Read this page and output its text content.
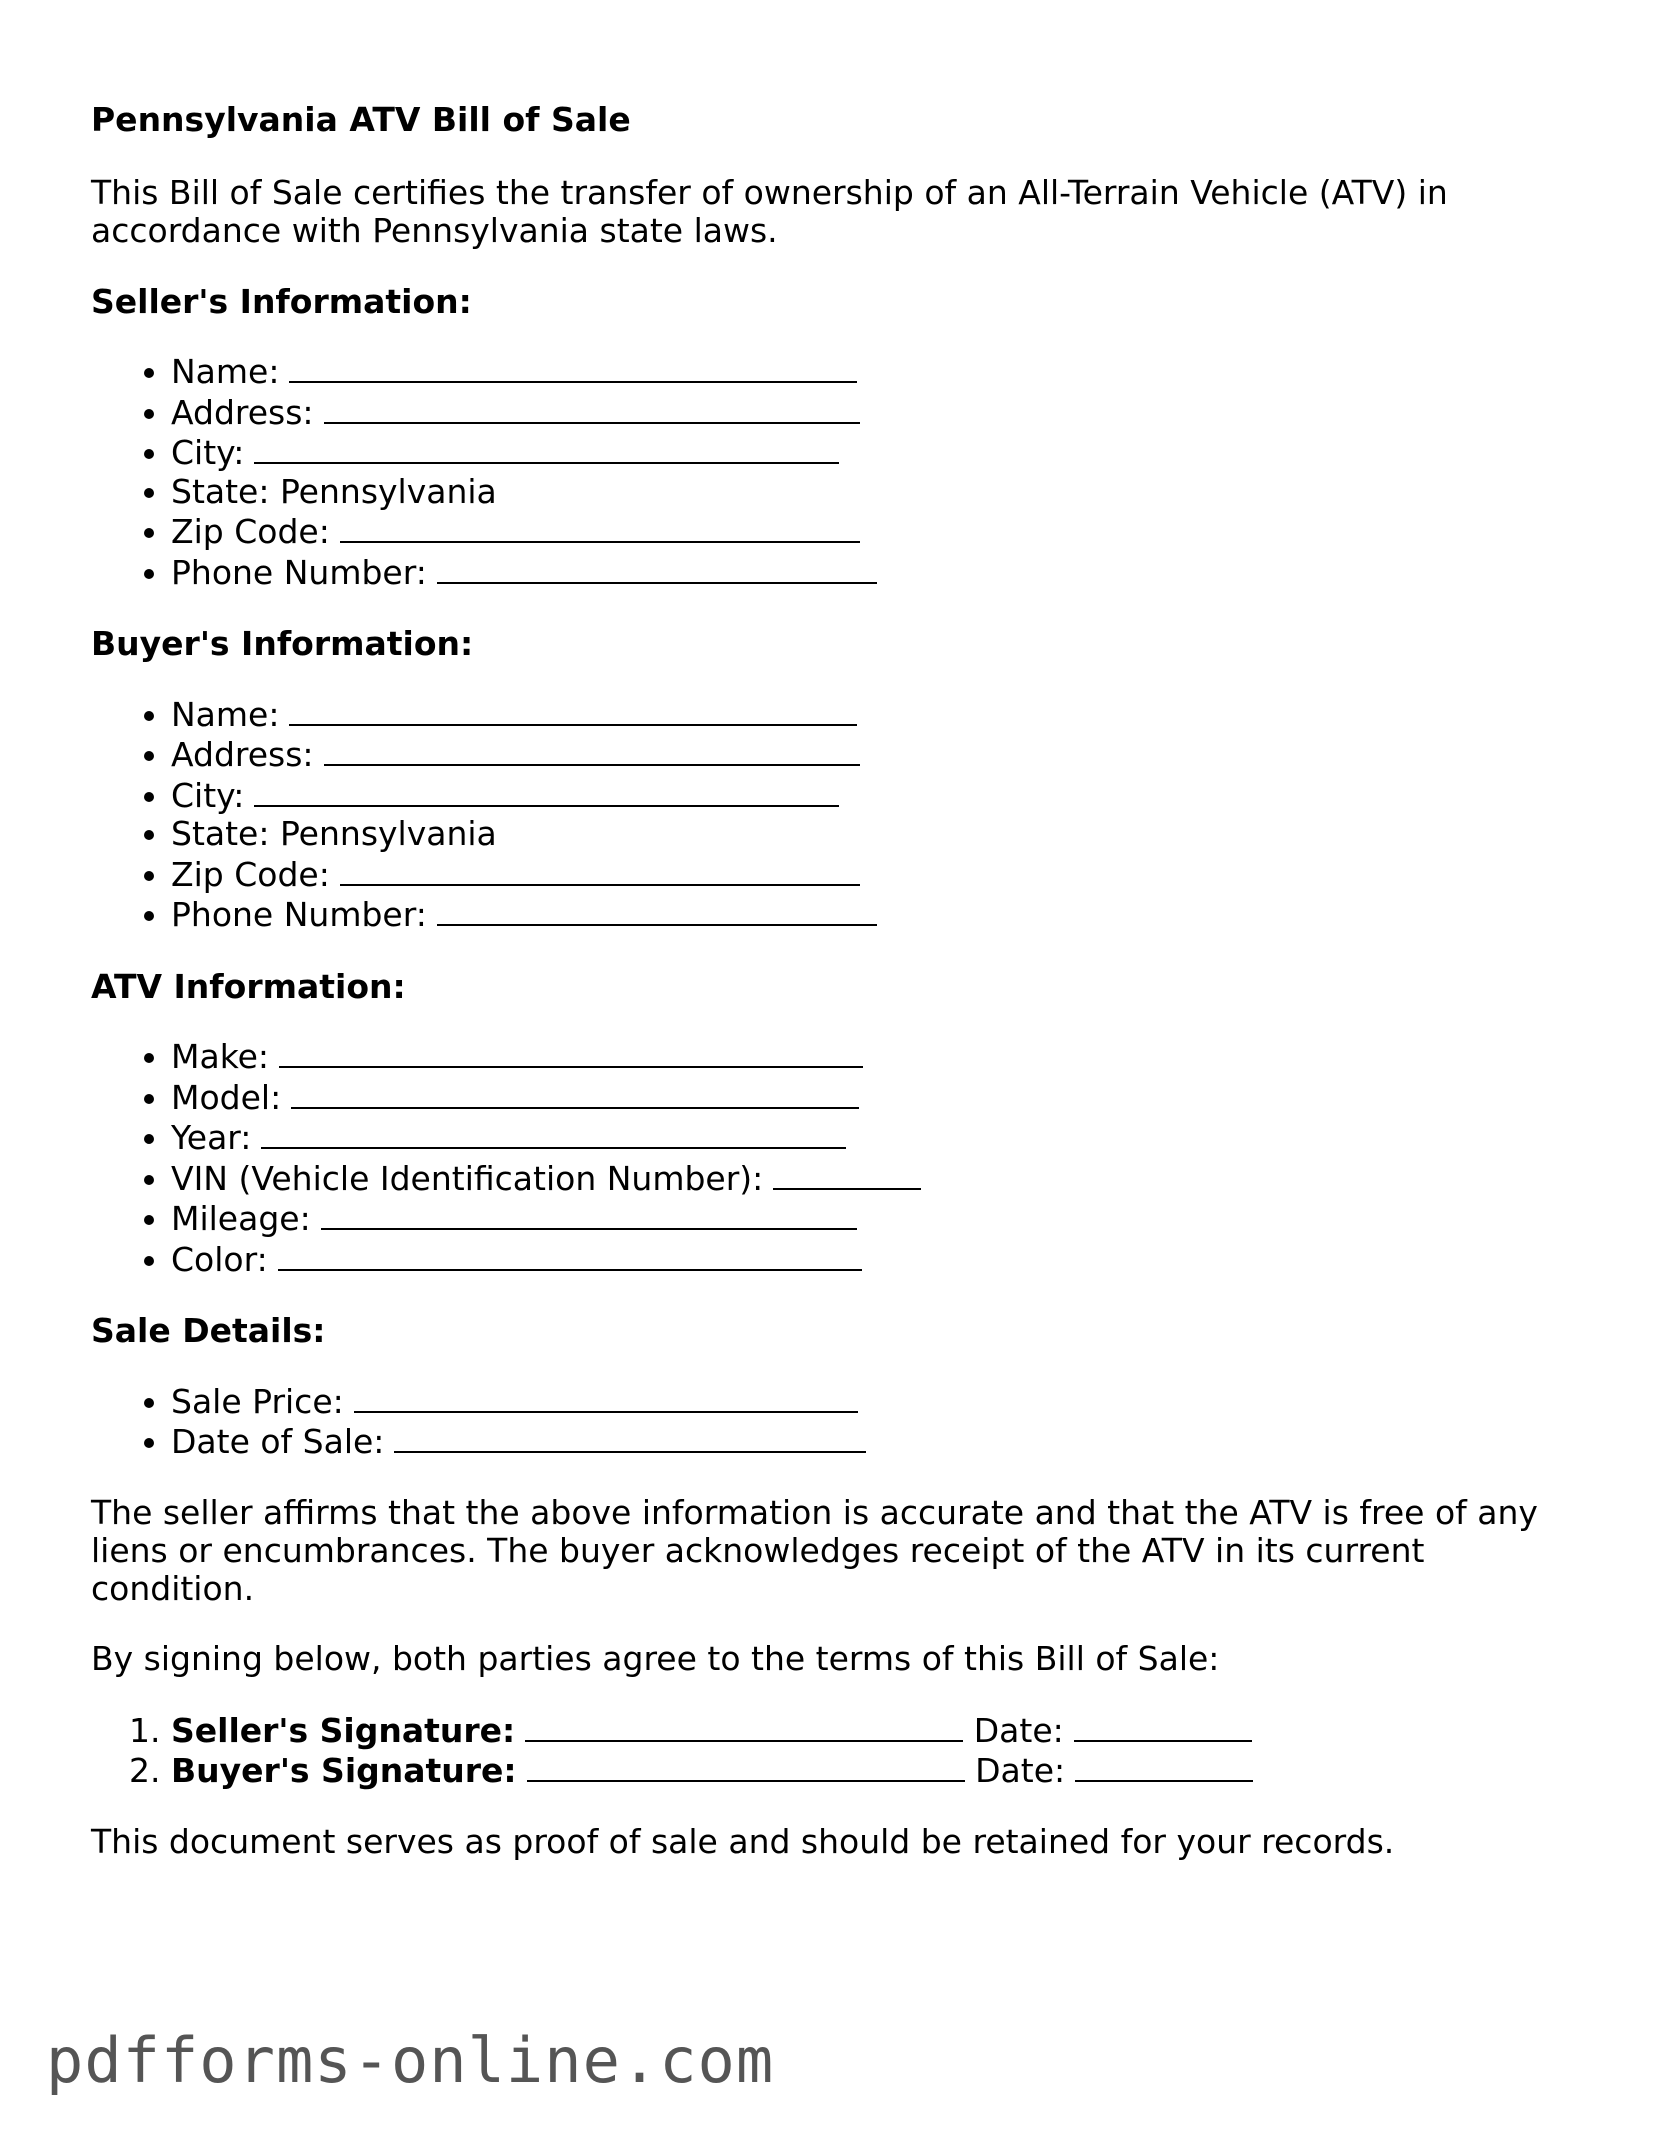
Pennsylvania ATV Bill of Sale

This Bill of Sale certifies the transfer of ownership of an All-Terrain Vehicle (ATV) in accordance with Pennsylvania state laws.

Seller's Information:
• Name:
• Address:
• City:
• State: Pennsylvania
• Zip Code:
• Phone Number:
Buyer's Information:
• Name:
• Address:
• City:
• State: Pennsylvania
• Zip Code:
• Phone Number:
ATV Information:
• Make:
• Model:
• Year:
• VIN (Vehicle Identification Number):
• Mileage:
• Color:
Sale Details:
• Sale Price:
• Date of Sale:

The seller affirms that the above information is accurate and that the ATV is free of any liens or encumbrances. The buyer acknowledges receipt of the ATV in its current condition.

By signing below, both parties agree to the terms of this Bill of Sale:

1. Seller's Signature:	Date:
2. Buyer's Signature:	Date:

This document serves as proof of sale and should be retained for your records.

pdfforms-online.com
